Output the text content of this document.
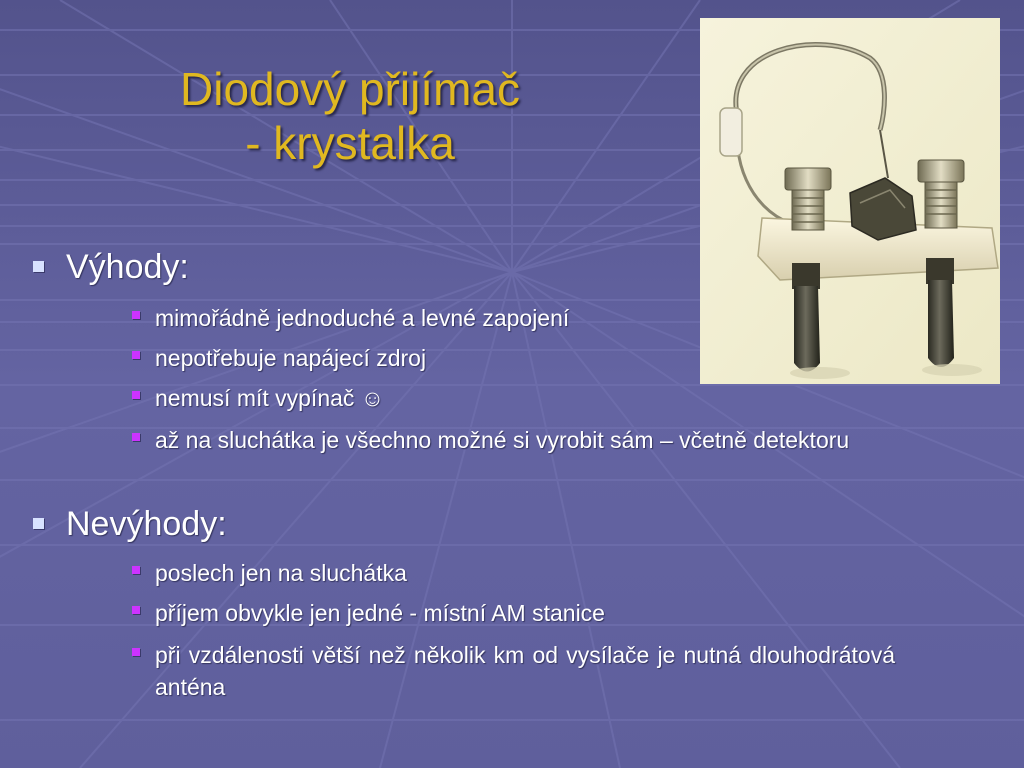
Diodový přijímač
- krystalka
Výhody:
mimořádně jednoduché a levné zapojení
nepotřebuje napájecí zdroj
nemusí mít vypínač ☺
až na sluchátka je všechno možné si vyrobit sám – včetně detektoru
Nevýhody:
poslech jen na sluchátka
příjem obvykle jen jedné - místní AM stanice
při vzdálenosti větší než několik km od vysílače je nutná dlouhodrátová anténa
